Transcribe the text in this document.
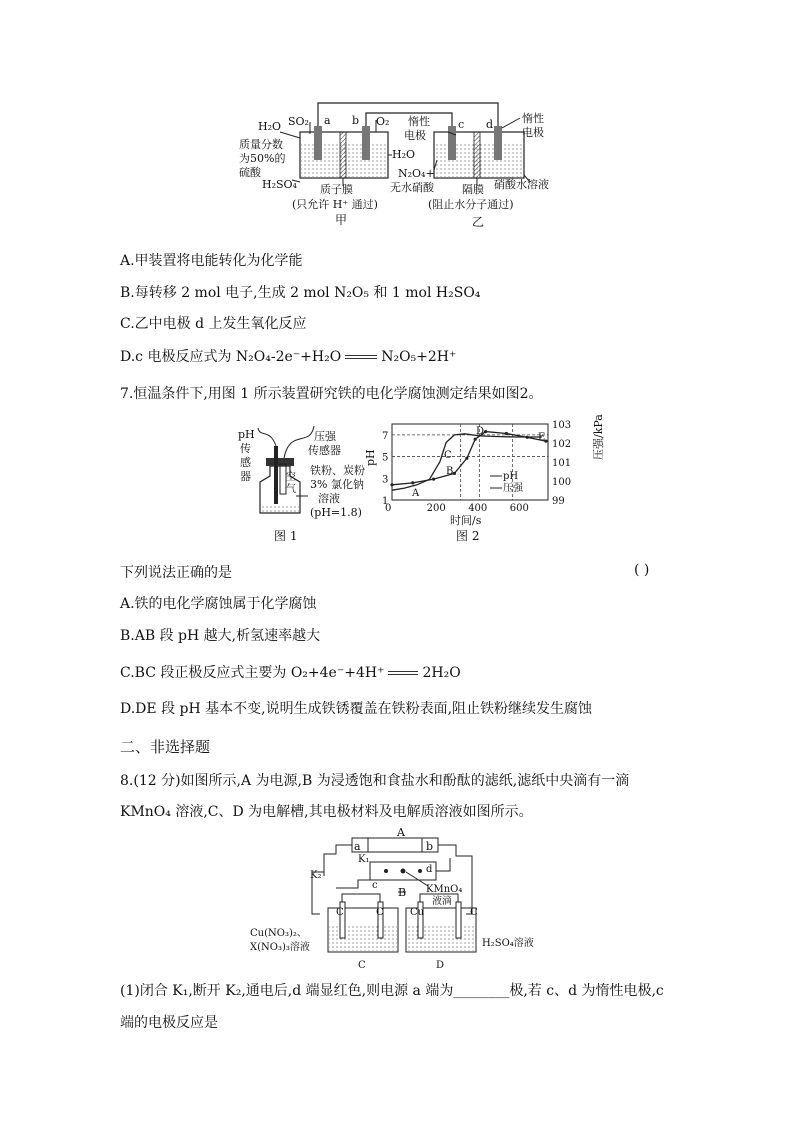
H₂O SO₂ a b O₂
质量分数
为50%的
硫酸
H₂O
H₂SO₄ 质子膜
(只允许 H⁺ 通过)
甲
惰性
电极
c d	惰性
电极
N₂O₄+
无水硝酸	隔膜 硝酸水溶液
(阻止水分子通过)
乙
A.甲装置将电能转化为化学能
B.每转移 2 mol 电子,生成 2 mol N₂O₅ 和 1 mol H₂SO₄
C.乙中电极 d 上发生氧化反应
D.c 电极反应式为 N₂O₄-2e⁻+H₂O	N₂O₅+2H⁺
7.恒温条件下,用图 1 所示装置研究铁的电化学腐蚀测定结果如图2。
pH
传
感
器
压强
传感器
空
气
铁粉、炭粉
3% 氯化钠
溶液
(pH=1.8)
图 1
0	200 400 600
1
3
5
7
99
100
101
102
103
pH	压强/kPa
时间/s
图 2
pH
压强
A
B
C
D
E
下列说法正确的是	( )
A.铁的电化学腐蚀属于化学腐蚀
B.AB 段 pH 越大,析氢速率越大
C.BC 段正极反应式主要为 O₂+4e⁻+4H⁺	2H₂O
D.DE 段 pH 基本不变,说明生成铁锈覆盖在铁粉表面,阻止铁粉继续发生腐蚀
二、非选择题
8.(12 分)如图所示,A 为电源,B 为浸透饱和食盐水和酚酞的滤纸,滤纸中央滴有一滴
KMnO₄ 溶液,C、D 为电解槽,其电极材料及电解质溶液如图所示。
A
a	b
K₁
K₂
c
d
B KMnO₄
液滴
Cu(NO₃)₂、
X(NO₃)₃溶液
C	C	Cu	C
H₂SO₄溶液
C	D
(1)闭合 K₁,断开 K₂,通电后,d 端显红色,则电源 a 端为________极,若 c、d 为惰性电极,c
端的电极反应是
